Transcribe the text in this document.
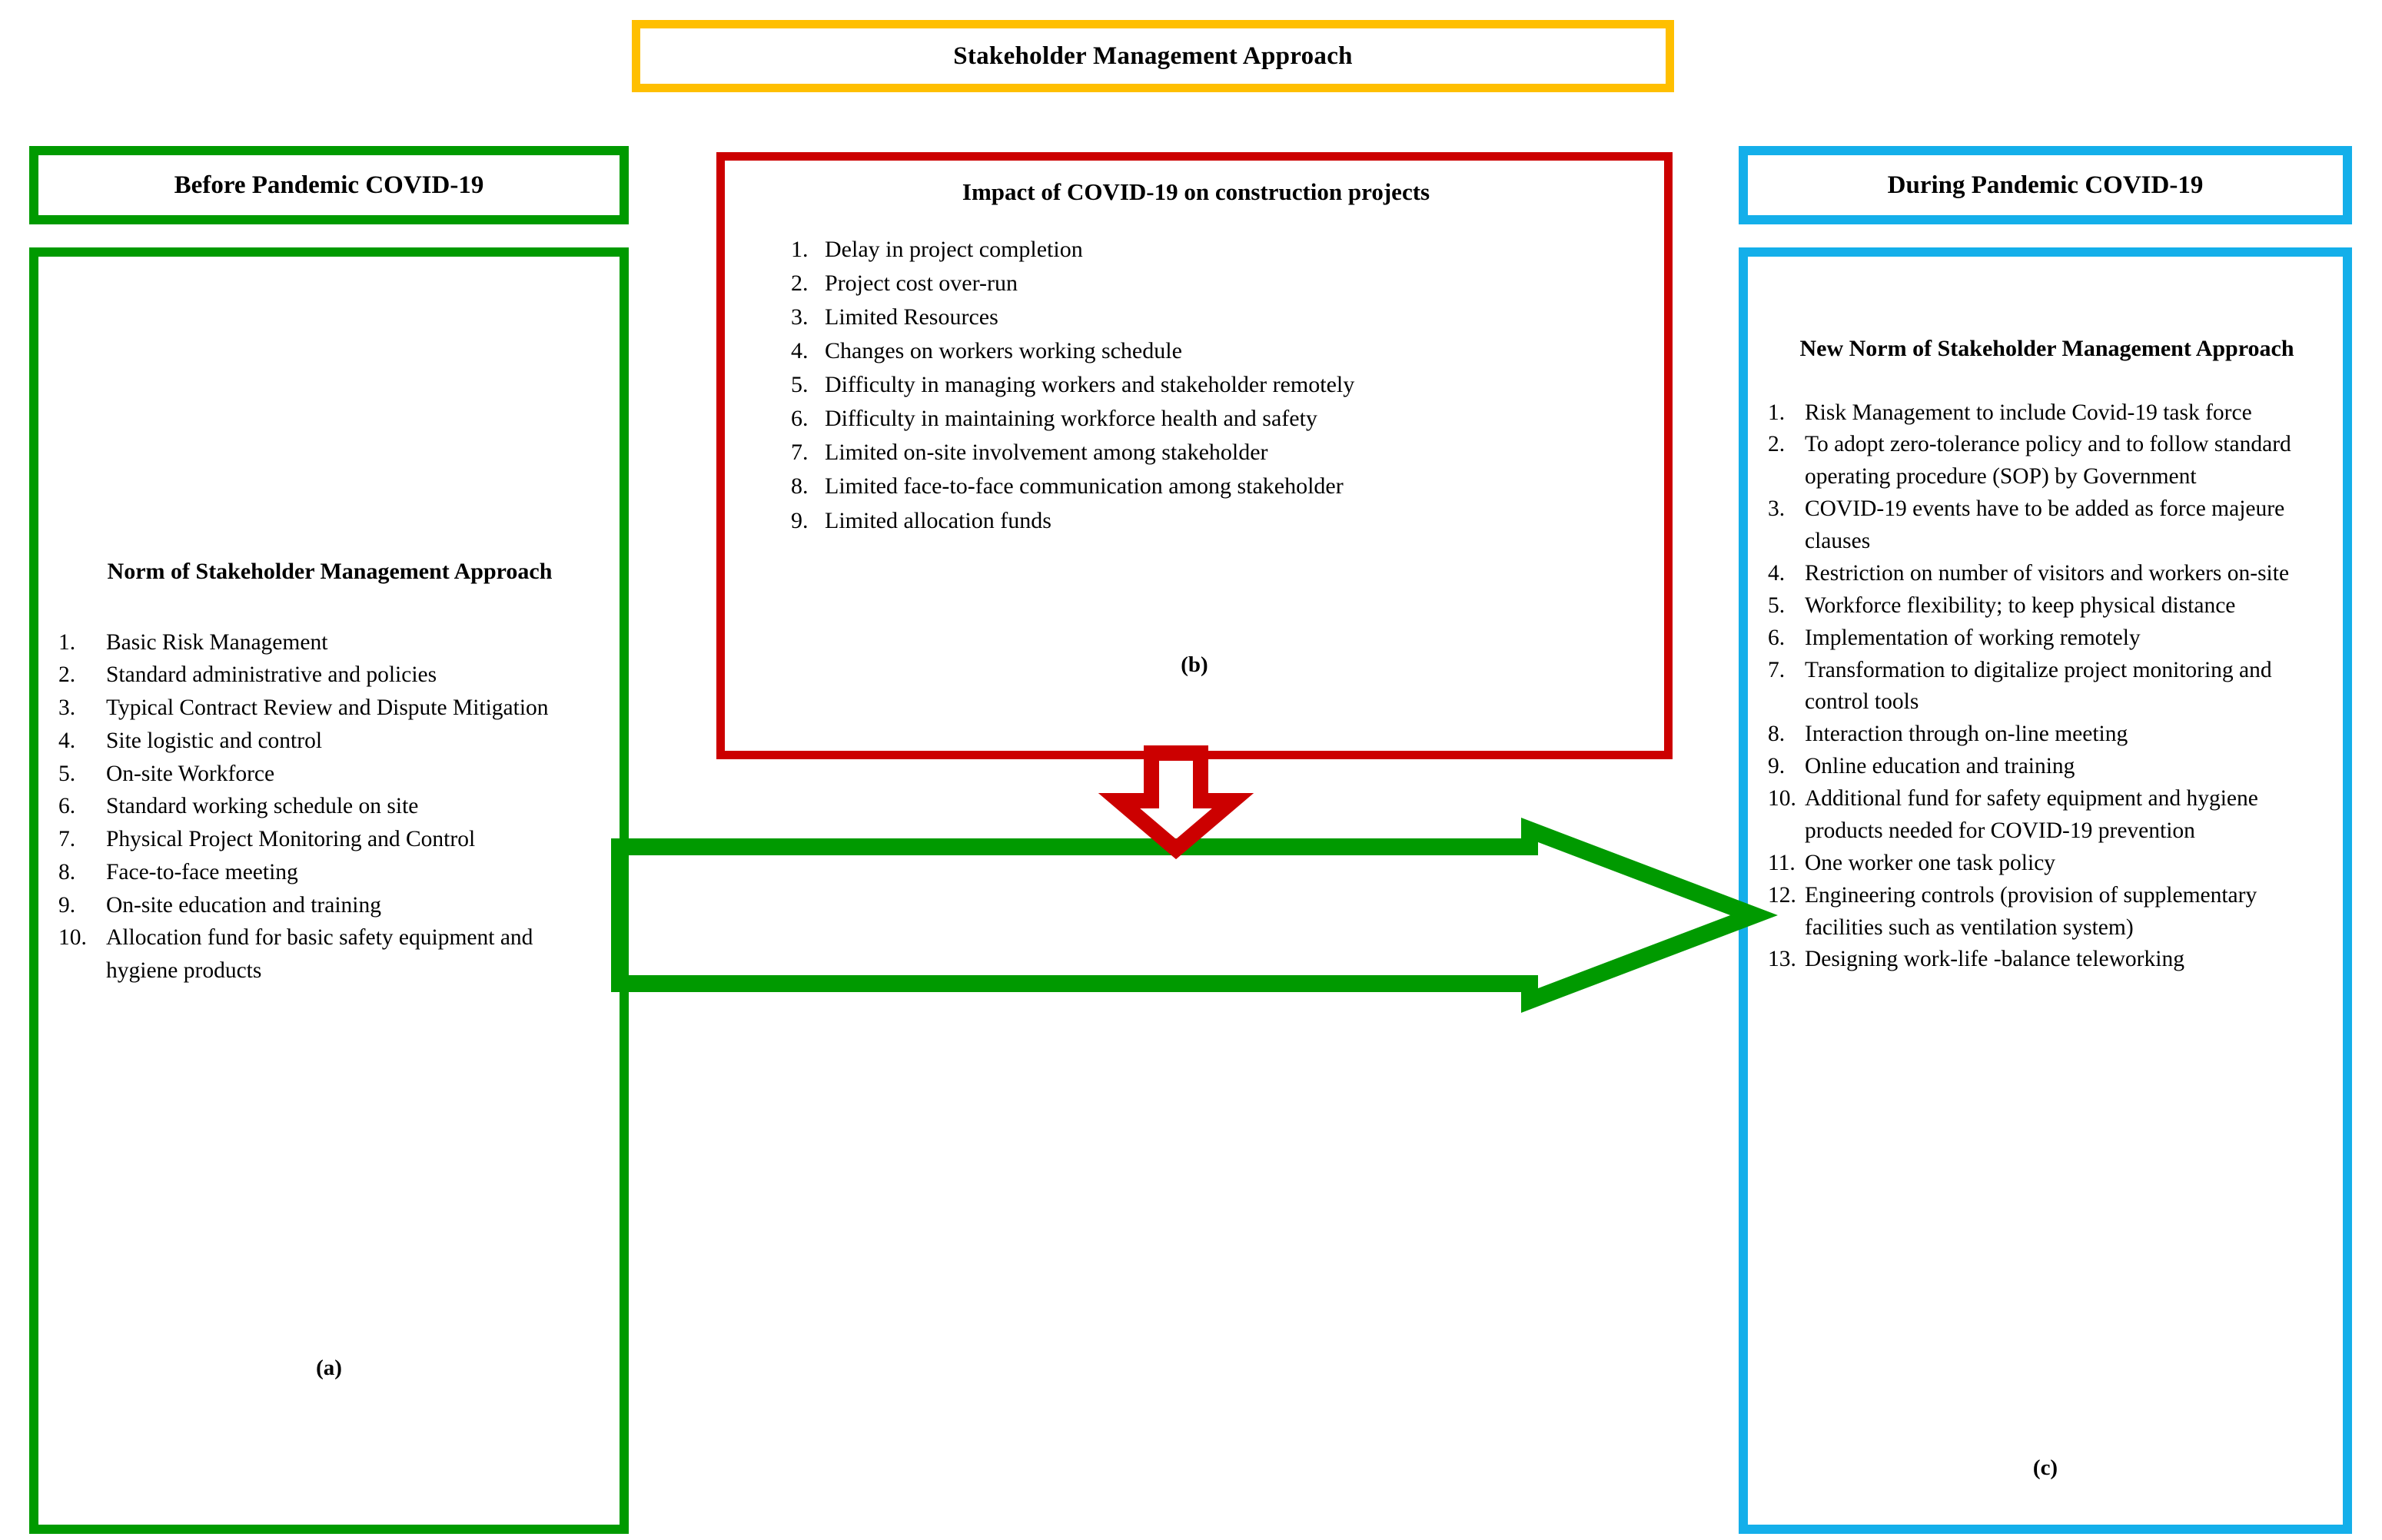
Stakeholder Management Approach
Before Pandemic COVID-19
Norm of Stakeholder Management Approach
1.	Basic Risk Management
2.	Standard administrative and policies
3.	Typical Contract Review and Dispute Mitigation
4.	Site logistic and control
5.	On-site Workforce
6.	Standard working schedule on site
7.	Physical Project Monitoring and Control
8.	Face-to-face meeting
9.	On-site education and training
10. Allocation fund for basic safety equipment and hygiene products
(a)
Impact of COVID-19 on construction projects
1. Delay in project completion
2. Project cost over-run
3. Limited Resources
4. Changes on workers working schedule
5. Difficulty in managing workers and stakeholder remotely
6. Difficulty in maintaining workforce health and safety
7. Limited on-site involvement among stakeholder
8. Limited face-to-face communication among stakeholder
9. Limited allocation funds
(b)
During Pandemic COVID-19
New Norm of Stakeholder Management Approach
1. Risk Management to include Covid-19 task force
2. To adopt zero-tolerance policy and to follow standard operating procedure (SOP) by Government
3. COVID-19 events have to be added as force majeure clauses
4. Restriction on number of visitors and workers on-site
5. Workforce flexibility; to keep physical distance
6. Implementation of working remotely
7. Transformation to digitalize project monitoring and control tools
8. Interaction through on-line meeting
9. Online education and training
10. Additional fund for safety equipment and hygiene products needed for COVID-19 prevention
11. One worker one task policy
12. Engineering controls (provision of supplementary facilities such as ventilation system)
13. Designing work-life -balance teleworking
(c)
